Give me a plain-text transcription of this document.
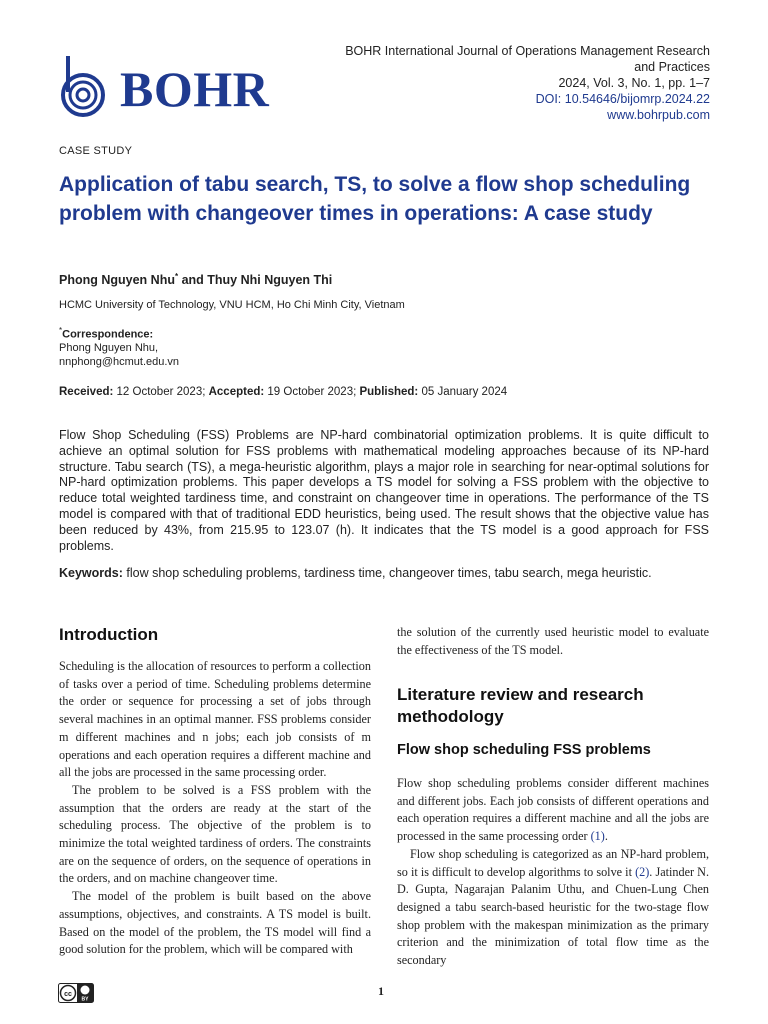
BOHR
BOHR International Journal of Operations Management Research
and Practices
2024, Vol. 3, No. 1, pp. 1–7
DOI: 10.54646/bijomrp.2024.22
www.bohrpub.com
CASE STUDY
Application of tabu search, TS, to solve a flow shop scheduling problem with changeover times in operations: A case study
Phong Nguyen Nhu* and Thuy Nhi Nguyen Thi
HCMC University of Technology, VNU HCM, Ho Chi Minh City, Vietnam
*Correspondence:
Phong Nguyen Nhu,
nnphong@hcmut.edu.vn
Received: 12 October 2023; Accepted: 19 October 2023; Published: 05 January 2024
Flow Shop Scheduling (FSS) Problems are NP-hard combinatorial optimization problems. It is quite difficult to achieve an optimal solution for FSS problems with mathematical modeling approaches because of its NP-hard structure. Tabu search (TS), a mega-heuristic algorithm, plays a major role in searching for near-optimal solutions for NP-hard optimization problems. This paper develops a TS model for solving a FSS problem with the objective to reduce total weighted tardiness time, and constraint on changeover time in operations. The performance of the TS model is compared with that of traditional EDD heuristics, being used. The result shows that the objective value has been reduced by 43%, from 215.95 to 123.07 (h). It indicates that the TS model is a good approach for FSS problems.
Keywords: flow shop scheduling problems, tardiness time, changeover times, tabu search, mega heuristic.
Introduction

Scheduling is the allocation of resources to perform a collection of tasks over a period of time. Scheduling problems determine the order or sequence for processing a set of jobs through several machines in an optimal manner. FSS problems consider m different machines and n jobs; each job consists of m operations and each operation requires a different machine and all the jobs are processed in the same processing order.

The problem to be solved is a FSS problem with the assumption that the orders are ready at the start of the scheduling process. The objective of the problem is to minimize the total weighted tardiness of orders. The constraints are on the sequence of orders, on the sequence of operations in the orders, and on machine changeover time.

The model of the problem is built based on the above assumptions, objectives, and constraints. A TS model is built. Based on the model of the problem, the TS model will find a good solution for the problem, which will be compared with

the solution of the currently used heuristic model to evaluate the effectiveness of the TS model.

Literature review and research methodology
Flow shop scheduling FSS problems

Flow shop scheduling problems consider different machines and different jobs. Each job consists of different operations and each operation requires a different machine and all the jobs are processed in the same processing order (1).

Flow shop scheduling is categorized as an NP-hard problem, so it is difficult to develop algorithms to solve it (2). Jatinder N. D. Gupta, Nagarajan Palanim Uthu, and Chuen-Lung Chen designed a tabu search-based heuristic for the two-stage flow shop problem with the makespan minimization as the primary criterion and the minimization of total flow time as the secondary

cc
BY
1
